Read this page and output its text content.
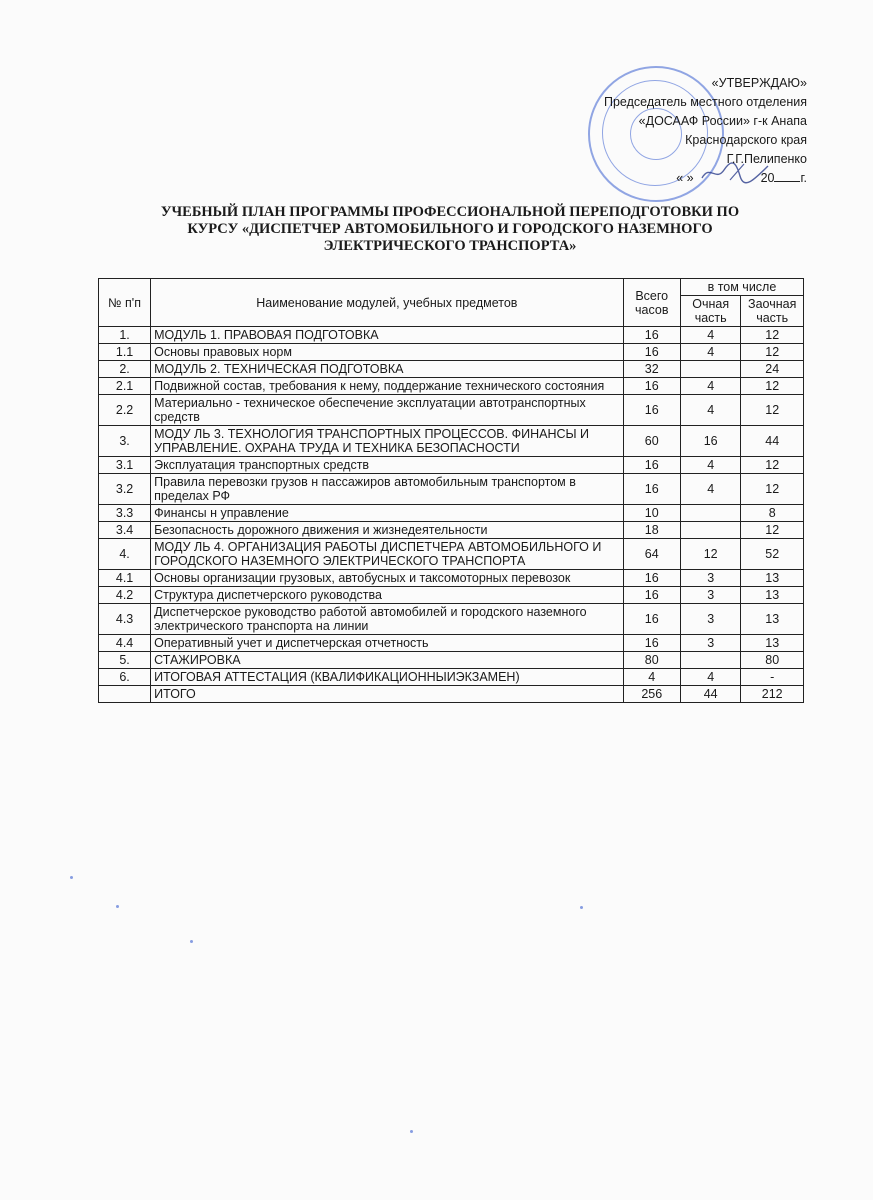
«УТВЕРЖДАЮ»
Председатель местного отделения
«ДОСААФ России» г-к Анапа
Краснодарского края
Г.Г.Пелипенко
« »	20 г.
УЧЕБНЫЙ ПЛАН ПРОГРАММЫ ПРОФЕССИОНАЛЬНОЙ ПЕРЕПОДГОТОВКИ ПО
КУРСУ «ДИСПЕТЧЕР АВТОМОБИЛЬНОГО И ГОРОДСКОГО НАЗЕМНОГО
ЭЛЕКТРИЧЕСКОГО ТРАНСПОРТА»
№ п'п	Наименование модулей, учебных предметов	Всего часов	в том числе	
			Очная часть	Заочная часть
1.	МОДУЛЬ 1. ПРАВОВАЯ ПОДГОТОВКА	16	4	12
1.1	Основы правовых норм	16	4	12
2.	МОДУЛЬ 2. ТЕХНИЧЕСКАЯ ПОДГОТОВКА	32		24
2.1	Подвижной состав, требования к нему, поддержание технического состояния	16	4	12
2.2	Материально - техническое обеспечение эксплуатации автотранспортных средств	16	4	12
3.	МОДУ ЛЬ 3. ТЕХНОЛОГИЯ ТРАНСПОРТНЫХ ПРОЦЕССОВ. ФИНАНСЫ И УПРАВЛЕНИЕ. ОХРАНА ТРУДА И ТЕХНИКА БЕЗОПАСНОСТИ	60	16	44
3.1	Эксплуатация транспортных средств	16	4	12
3.2	Правила перевозки грузов н пассажиров автомобильным транспортом в пределах РФ	16	4	12
3.3	Финансы н управление	10		8
3.4	Безопасность дорожного движения и жизнедеятельности	18		12
4.	МОДУ ЛЬ 4. ОРГАНИЗАЦИЯ РАБОТЫ ДИСПЕТЧЕРА АВТОМОБИЛЬНОГО И ГОРОДСКОГО НАЗЕМНОГО ЭЛЕКТРИЧЕСКОГО ТРАНСПОРТА	64	12	52
4.1	Основы организации грузовых, автобусных и таксомоторных перевозок	16	3	13
4.2	Структура диспетчерского руководства	16	3	13
4.3	Диспетчерское руководство работой автомобилей и городского наземного электрического транспорта на линии	16	3	13
4.4	Оперативный учет и диспетчерская отчетность	16	3	13
5.	СТАЖИРОВКА	80		80
6.	ИТОГОВАЯ АТТЕСТАЦИЯ (КВАЛИФИКАЦИОННЫИЭКЗАМЕН)	4	4	-
	ИТОГО	256	44	212
